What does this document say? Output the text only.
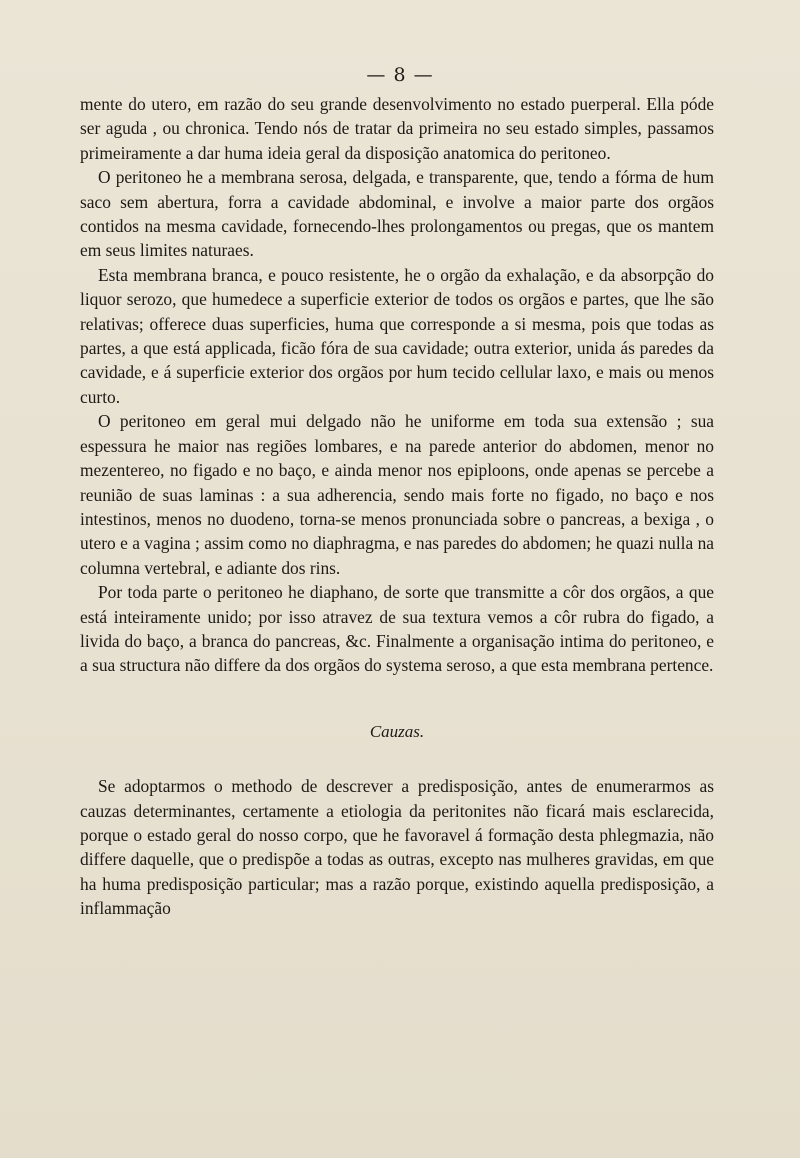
— 8 —

mente do utero, em razão do seu grande desenvolvimento no estado puerperal. Ella póde ser aguda , ou chronica. Tendo nós de tratar da primeira no seu estado simples, passamos primeiramente a dar huma ideia geral da disposição anatomica do peritoneo.

O peritoneo he a membrana serosa, delgada, e transparente, que, tendo a fórma de hum saco sem abertura, forra a cavidade abdominal, e involve a maior parte dos orgãos contidos na mesma cavidade, fornecendo-lhes prolongamentos ou pregas, que os mantem em seus limites naturaes.

Esta membrana branca, e pouco resistente, he o orgão da exhalação, e da absorpção do liquor serozo, que humedece a superficie exterior de todos os orgãos e partes, que lhe são relativas; offerece duas superficies, huma que corresponde a si mesma, pois que todas as partes, a que está applicada, ficão fóra de sua cavidade; outra exterior, unida ás paredes da cavidade, e á superficie exterior dos orgãos por hum tecido cellular laxo, e mais ou menos curto.

O peritoneo em geral mui delgado não he uniforme em toda sua extensão ; sua espessura he maior nas regiões lombares, e na parede anterior do abdomen, menor no mezentereo, no figado e no baço, e ainda menor nos epiploons, onde apenas se percebe a reunião de suas laminas : a sua adherencia, sendo mais forte no figado, no baço e nos intestinos, menos no duodeno, torna-se menos pronunciada sobre o pancreas, a bexiga , o utero e a vagina ; assim como no diaphragma, e nas paredes do abdomen; he quazi nulla na columna vertebral, e adiante dos rins.

Por toda parte o peritoneo he diaphano, de sorte que transmitte a côr dos orgãos, a que está inteiramente unido; por isso atravez de sua textura vemos a côr rubra do figado, a livida do baço, a branca do pancreas, &c. Finalmente a organisação intima do peritoneo, e a sua structura não differe da dos orgãos do systema seroso, a que esta membrana pertence.

Cauzas.

Se adoptarmos o methodo de descrever a predisposição, antes de enumerarmos as cauzas determinantes, certamente a etiologia da peritonites não ficará mais esclarecida, porque o estado geral do nosso corpo, que he favoravel á formação desta phlegmazia, não differe daquelle, que o predispõe a todas as outras, excepto nas mulheres gravidas, em que ha huma predisposição particular; mas a razão porque, existindo aquella predisposição, a inflammação
